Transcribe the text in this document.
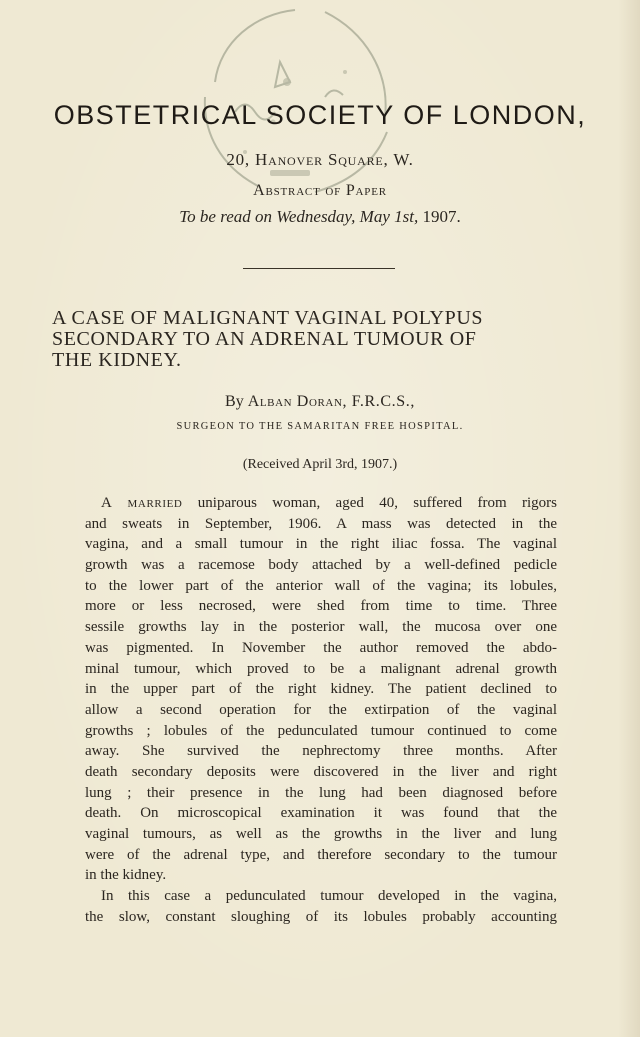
OBSTETRICAL SOCIETY OF LONDON,
20, Hanover Square, W.
Abstract of Paper
To be read on Wednesday, May 1st, 1907.
A CASE OF MALIGNANT VAGINAL POLYPUS
SECONDARY TO AN ADRENAL TUMOUR OF
THE KIDNEY.
By Alban Doran, F.R.C.S.,
SURGEON TO THE SAMARITAN FREE HOSPITAL.
(Received April 3rd, 1907.)
A married uniparous woman, aged 40, suffered from rigors
and sweats in September, 1906. A mass was detected in the
vagina, and a small tumour in the right iliac fossa. The vaginal
growth was a racemose body attached by a well-defined pedicle
to the lower part of the anterior wall of the vagina; its lobules,
more or less necrosed, were shed from time to time. Three
sessile growths lay in the posterior wall, the mucosa over one
was pigmented. In November the author removed the abdo-
minal tumour, which proved to be a malignant adrenal growth
in the upper part of the right kidney. The patient declined to
allow a second operation for the extirpation of the vaginal
growths ; lobules of the pedunculated tumour continued to come
away. She survived the nephrectomy three months. After
death secondary deposits were discovered in the liver and right
lung ; their presence in the lung had been diagnosed before
death. On microscopical examination it was found that the
vaginal tumours, as well as the growths in the liver and lung
were of the adrenal type, and therefore secondary to the tumour
in the kidney.
In this case a pedunculated tumour developed in the vagina,
the slow, constant sloughing of its lobules probably accounting
